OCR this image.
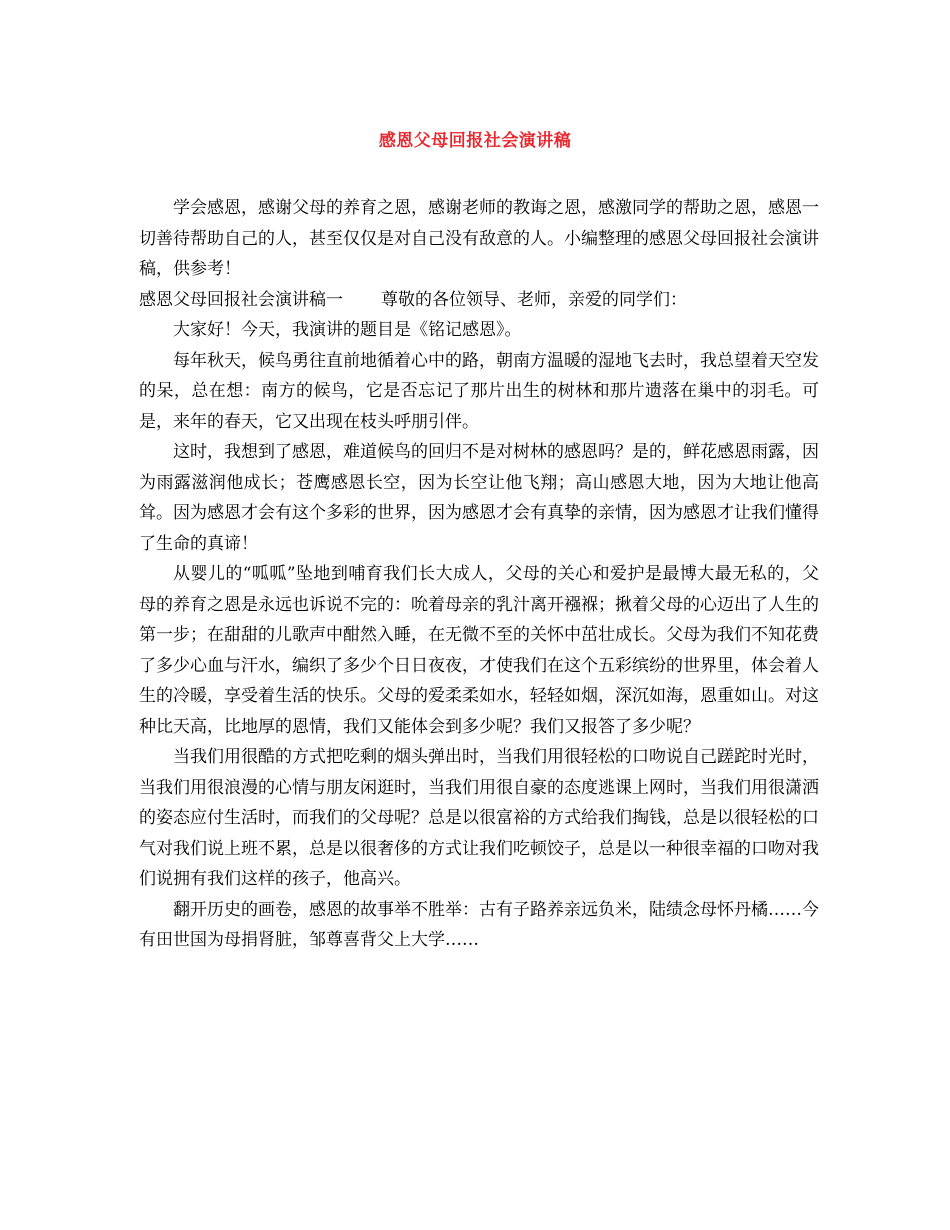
感恩父母回报社会演讲稿

学会感恩，感谢父母的养育之恩，感谢老师的教诲之恩，感激同学的帮助之恩，感恩一切善待帮助自己的人，甚至仅仅是对自己没有敌意的人。小编整理的感恩父母回报社会演讲稿，供参考！

感恩父母回报社会演讲稿一 尊敬的各位领导、老师，亲爱的同学们：

大家好！今天，我演讲的题目是《铭记感恩》。

每年秋天，候鸟勇往直前地循着心中的路，朝南方温暖的湿地飞去时，我总望着天空发的呆，总在想：南方的候鸟，它是否忘记了那片出生的树林和那片遗落在巢中的羽毛。可是，来年的春天，它又出现在枝头呼朋引伴。

这时，我想到了感恩，难道候鸟的回归不是对树林的感恩吗？是的，鲜花感恩雨露，因为雨露滋润他成长；苍鹰感恩长空，因为长空让他飞翔；高山感恩大地，因为大地让他高耸。因为感恩才会有这个多彩的世界，因为感恩才会有真挚的亲情，因为感恩才让我们懂得了生命的真谛！

从婴儿的“呱呱”坠地到哺育我们长大成人，父母的关心和爱护是最博大最无私的，父母的养育之恩是永远也诉说不完的：吮着母亲的乳汁离开襁褓；揪着父母的心迈出了人生的第一步；在甜甜的儿歌声中酣然入睡，在无微不至的关怀中茁壮成长。父母为我们不知花费了多少心血与汗水，编织了多少个日日夜夜，才使我们在这个五彩缤纷的世界里，体会着人生的冷暖，享受着生活的快乐。父母的爱柔柔如水，轻轻如烟，深沉如海，恩重如山。对这种比天高，比地厚的恩情，我们又能体会到多少呢？我们又报答了多少呢？

当我们用很酷的方式把吃剩的烟头弹出时，当我们用很轻松的口吻说自己蹉跎时光时，当我们用很浪漫的心情与朋友闲逛时，当我们用很自豪的态度逃课上网时，当我们用很潇洒的姿态应付生活时，而我们的父母呢？总是以很富裕的方式给我们掏钱，总是以很轻松的口气对我们说上班不累，总是以很奢侈的方式让我们吃顿饺子，总是以一种很幸福的口吻对我们说拥有我们这样的孩子，他高兴。

翻开历史的画卷，感恩的故事举不胜举：古有子路养亲远负米，陆绩念母怀丹橘……今有田世国为母捐肾脏，邹尊喜背父上大学……
